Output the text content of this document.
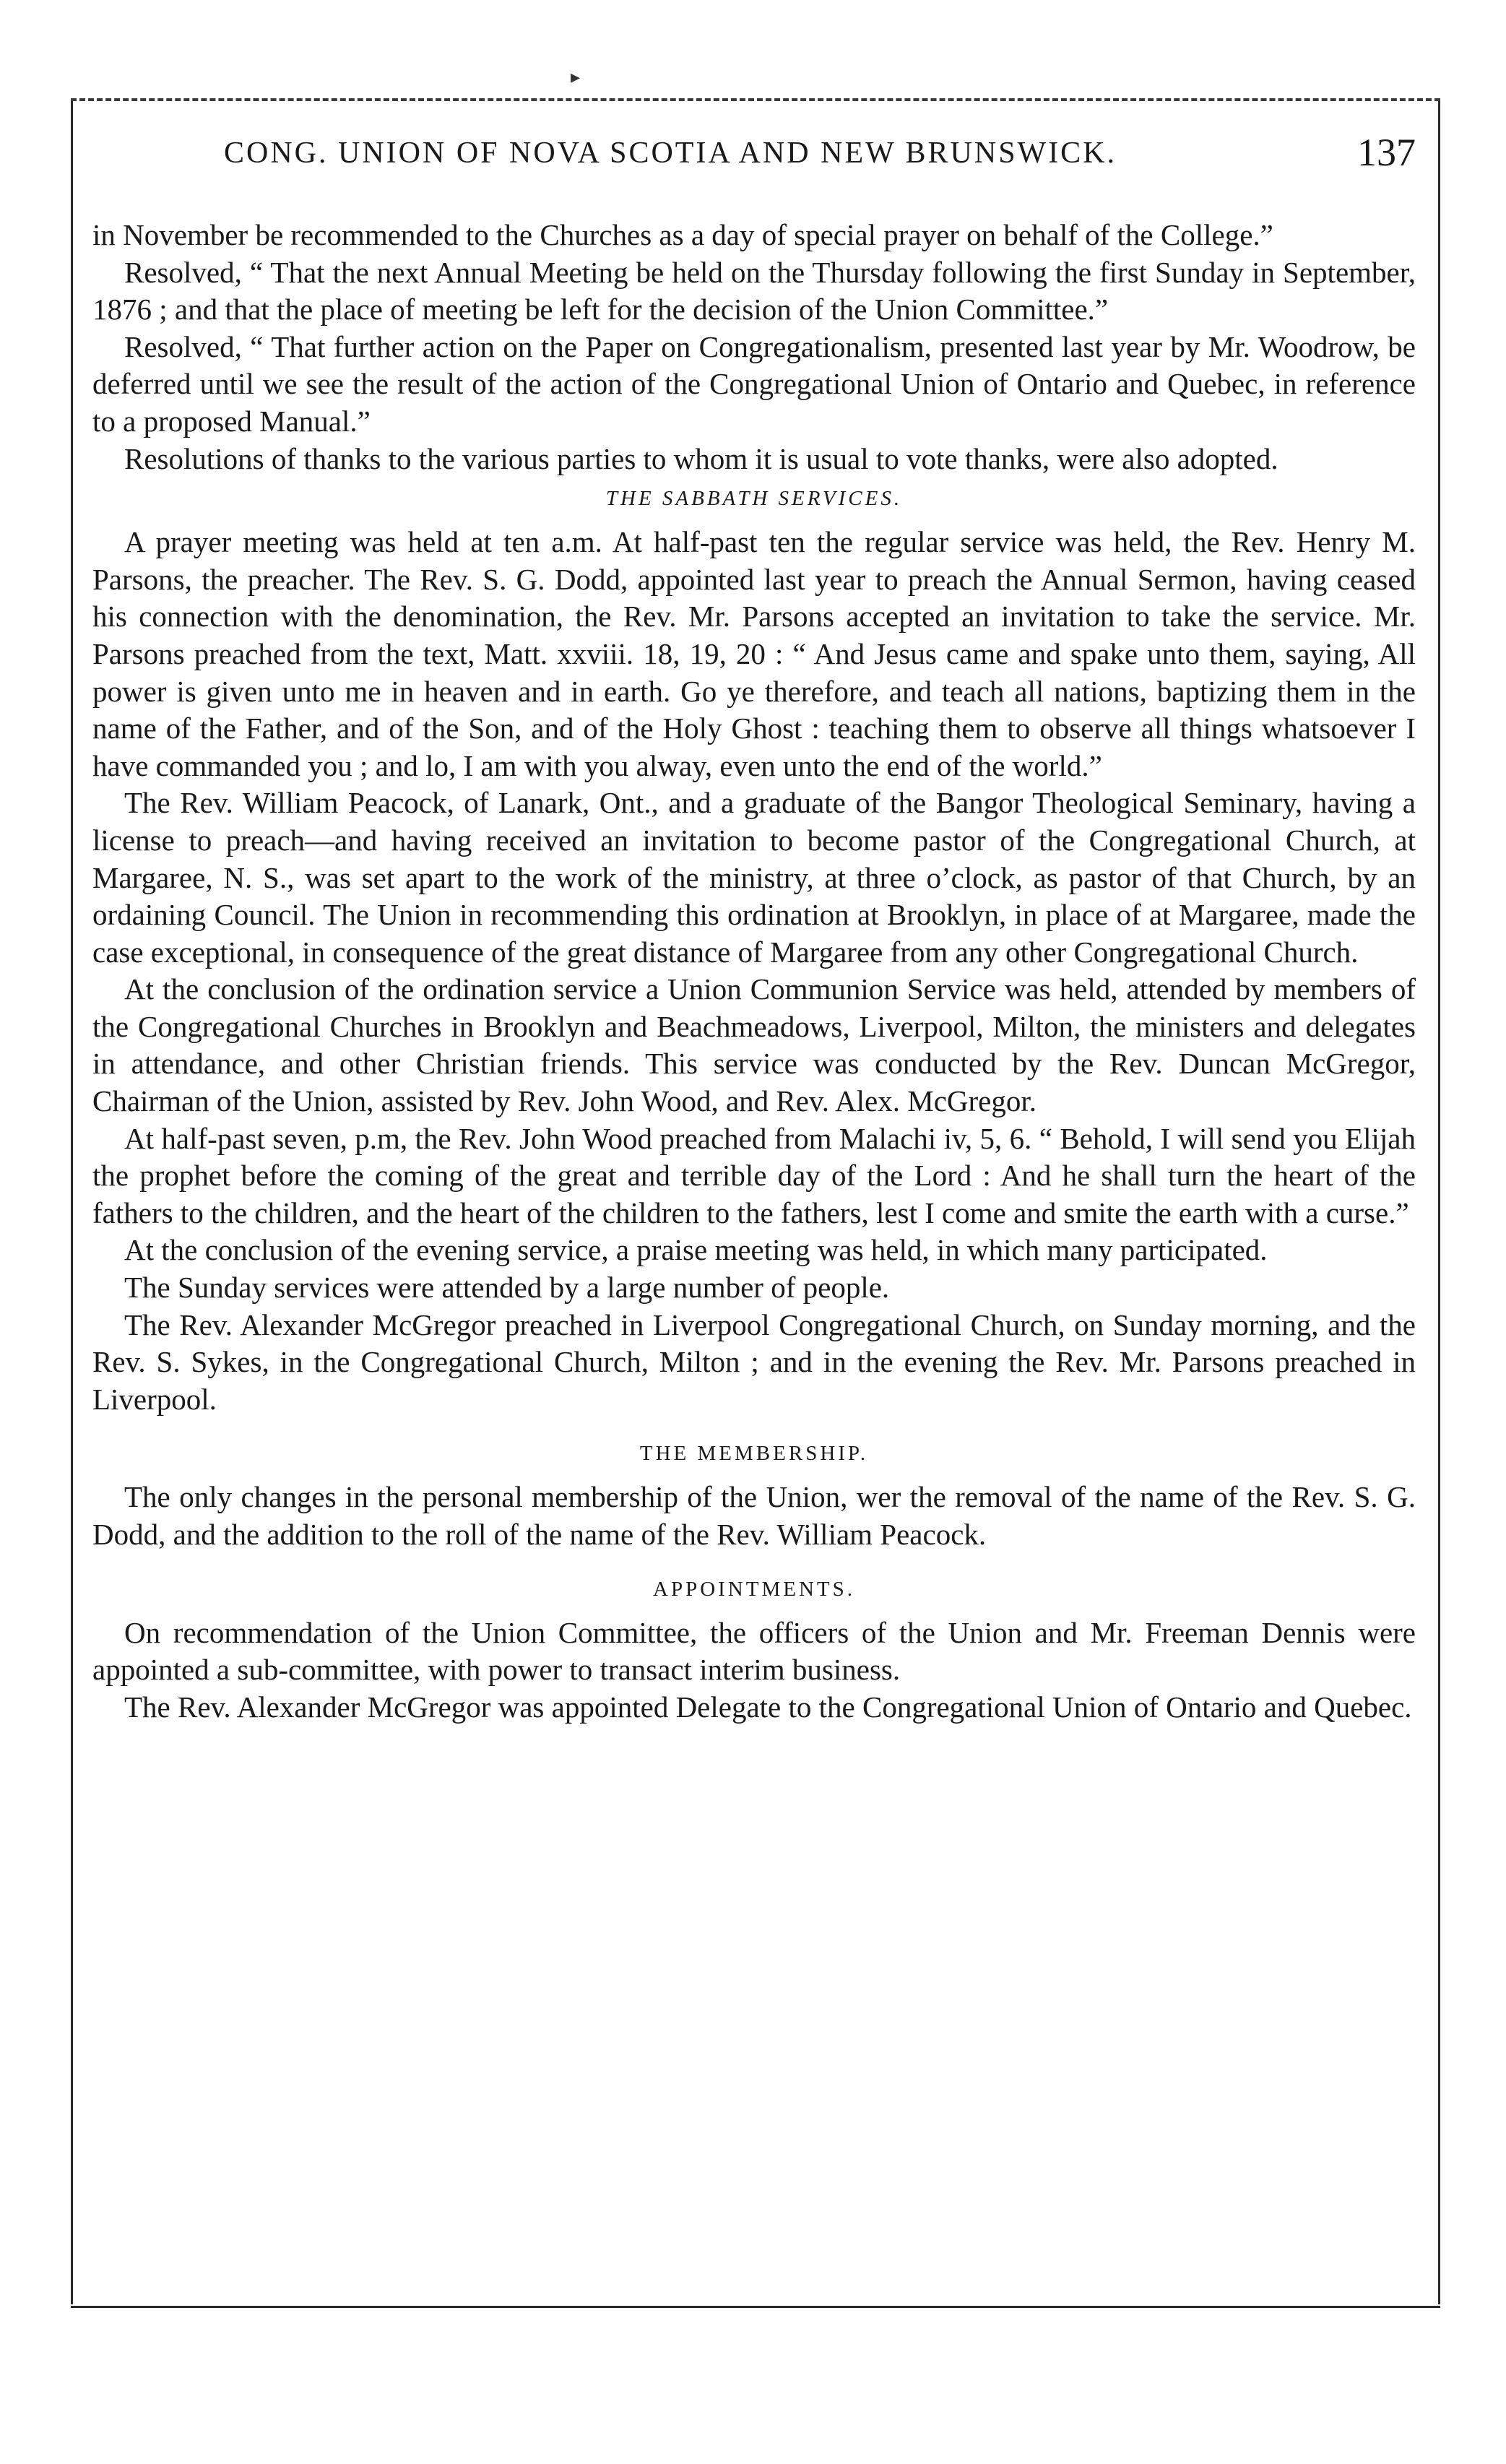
▸
CONG. UNION OF NOVA SCOTIA AND NEW BRUNSWICK.	137

in November be recommended to the Churches as a day of special prayer on behalf of the College.”

Resolved, “ That the next Annual Meeting be held on the Thursday following the first Sunday in September, 1876 ; and that the place of meeting be left for the decision of the Union Committee.”

Resolved, “ That further action on the Paper on Congregationalism, presented last year by Mr. Woodrow, be deferred until we see the result of the action of the Congregational Union of Ontario and Quebec, in reference to a proposed Manual.”

Resolutions of thanks to the various parties to whom it is usual to vote thanks, were also adopted.

THE SABBATH SERVICES.

A prayer meeting was held at ten a.m. At half-past ten the regular service was held, the Rev. Henry M. Parsons, the preacher. The Rev. S. G. Dodd, appointed last year to preach the Annual Sermon, having ceased his connection with the denomination, the Rev. Mr. Parsons accepted an invitation to take the service. Mr. Parsons preached from the text, Matt. xxviii. 18, 19, 20 : “ And Jesus came and spake unto them, saying, All power is given unto me in heaven and in earth. Go ye therefore, and teach all nations, baptizing them in the name of the Father, and of the Son, and of the Holy Ghost : teaching them to observe all things whatsoever I have commanded you ; and lo, I am with you alway, even unto the end of the world.”

The Rev. William Peacock, of Lanark, Ont., and a graduate of the Bangor Theological Seminary, having a license to preach—and having received an invitation to become pastor of the Congregational Church, at Margaree, N. S., was set apart to the work of the ministry, at three o’clock, as pastor of that Church, by an ordaining Council. The Union in recommending this ordination at Brooklyn, in place of at Margaree, made the case exceptional, in consequence of the great distance of Margaree from any other Congregational Church.

At the conclusion of the ordination service a Union Communion Service was held, attended by members of the Congregational Churches in Brooklyn and Beachmeadows, Liverpool, Milton, the ministers and delegates in attendance, and other Christian friends. This service was conducted by the Rev. Duncan McGregor, Chairman of the Union, assisted by Rev. John Wood, and Rev. Alex. McGregor.

At half-past seven, p.m, the Rev. John Wood preached from Malachi iv, 5, 6. “ Behold, I will send you Elijah the prophet before the coming of the great and terrible day of the Lord : And he shall turn the heart of the fathers to the children, and the heart of the children to the fathers, lest I come and smite the earth with a curse.”

At the conclusion of the evening service, a praise meeting was held, in which many participated.

The Sunday services were attended by a large number of people.

The Rev. Alexander McGregor preached in Liverpool Congregational Church, on Sunday morning, and the Rev. S. Sykes, in the Congregational Church, Milton ; and in the evening the Rev. Mr. Parsons preached in Liverpool.

THE MEMBERSHIP.

The only changes in the personal membership of the Union, wer the removal of the name of the Rev. S. G. Dodd, and the addition to the roll of the name of the Rev. William Peacock.

APPOINTMENTS.

On recommendation of the Union Committee, the officers of the Union and Mr. Freeman Dennis were appointed a sub-committee, with power to transact interim business.

The Rev. Alexander McGregor was appointed Delegate to the Congregational Union of Ontario and Quebec.
